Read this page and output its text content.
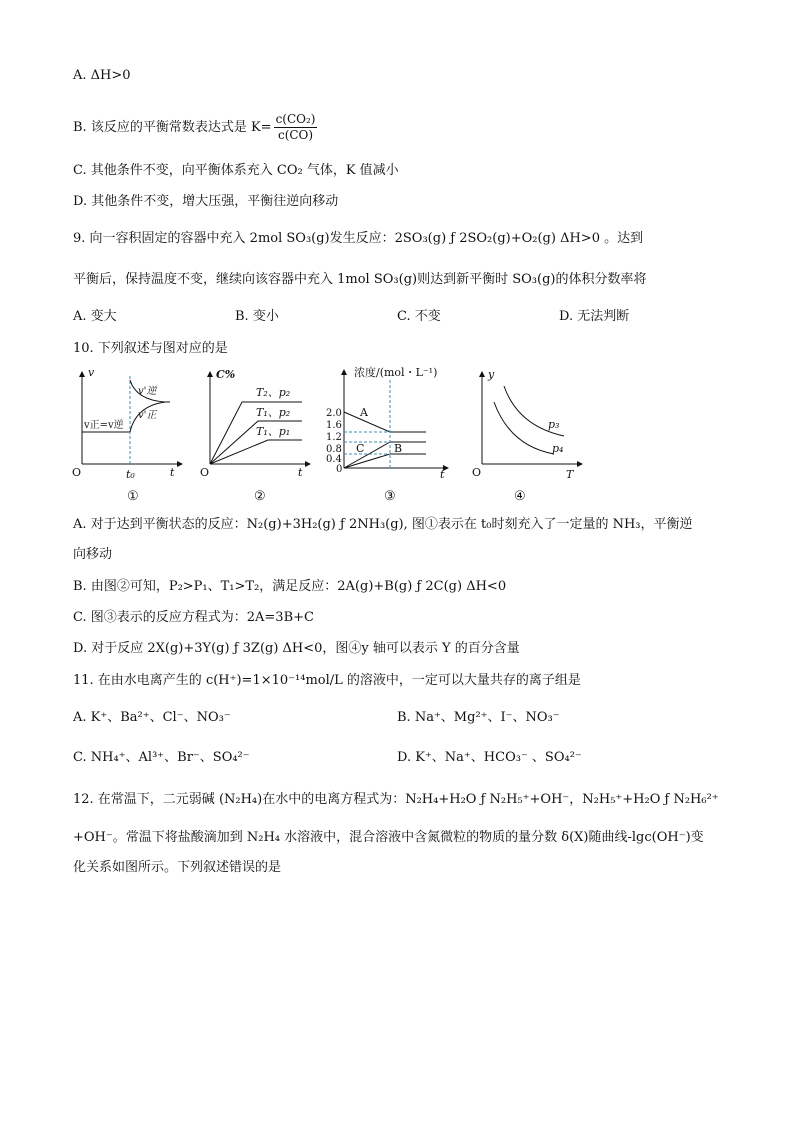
A. ΔH>0
B. 该反应的平衡常数表达式是 $K= \frac{\text{c(CO₂)}}{c(CO)}$
C. 其他条件不变，向平衡体系充入 CO₂ 气体，K 值减小
D. 其他条件不变，增大压强，平衡往逆向移动
9. 向一容积固定的容器中充入 2mol SO₃(g)发生反应：2SO₃(g) ƒ 2SO₂(g)+O₂(g) ΔH>0 。达到
平衡后，保持温度不变，继续向该容器中充入 1mol SO₃(g)则达到新平衡时 SO₃(g)的体积分数率将
A. 变大	B. 变小	C. 不变	D. 无法判断
10. 下列叙述与图对应的是
v
t
O	t₀
v正=v逆
v'逆
v'正
①
C%
t
O
T₂、p₂
T₁、p₂
T₁、p₁
②
浓度/(mol・L⁻¹)
t
2.0
1.6
1.2
0.8
0.4
0
A
B
C
③
y
T
O
p₃
p₄
④
A. 对于达到平衡状态的反应：N₂(g)+3H₂(g) ƒ 2NH₃(g), 图①表示在 t₀时刻充入了一定量的 NH₃，平衡逆
向移动
B. 由图②可知，P₂>P₁、T₁>T₂，满足反应：2A(g)+B(g) ƒ 2C(g) ΔH<0
C. 图③表示的反应方程式为：2A=3B+C
D. 对于反应 2X(g)+3Y(g) ƒ 3Z(g) ΔH<0，图④y 轴可以表示 Y 的百分含量
11. 在由水电离产生的 c(H⁺)=1×10⁻¹⁴mol/L 的溶液中，一定可以大量共存的离子组是
A. K⁺、Ba²⁺、Cl⁻、NO₃⁻	B. Na⁺、Mg²⁺、I⁻、NO₃⁻
C. NH₄⁺、Al³⁺、Br⁻、SO₄²⁻	D. K⁺、Na⁺、HCO₃⁻ 、SO₄²⁻
12. 在常温下，二元弱碱 (N₂H₄)在水中的电离方程式为：N₂H₄+H₂O ƒ N₂H₅⁺+OH⁻，N₂H₅⁺+H₂O ƒ N₂H₆²⁺
+OH⁻。常温下将盐酸滴加到 N₂H₄ 水溶液中，混合溶液中含氮微粒的物质的量分数 δ(X)随曲线-lgc(OH⁻)变
化关系如图所示。下列叙述错误的是
